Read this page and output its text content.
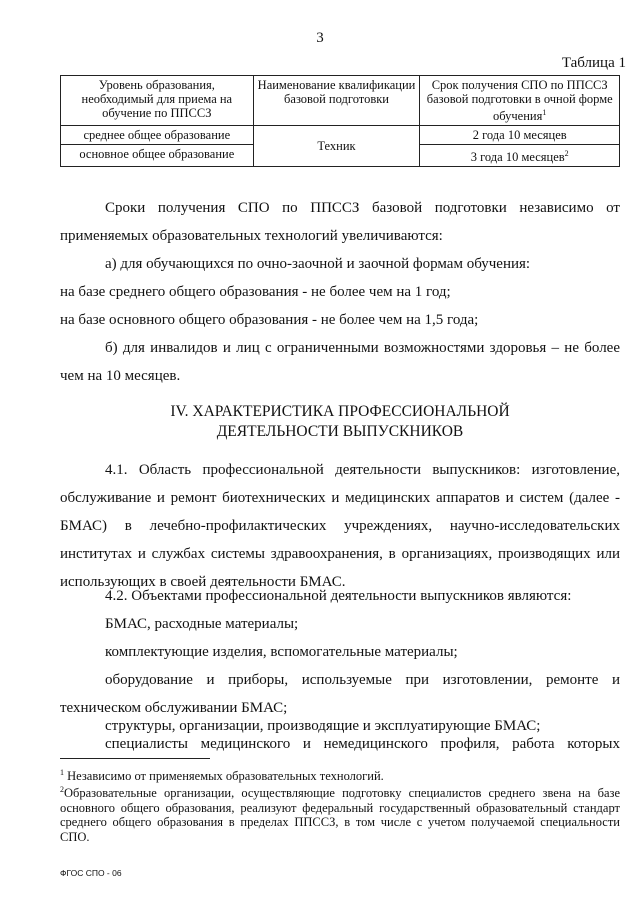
3
Таблица 1
Уровень образования, необходимый для приема на обучение по ППССЗ	Наименование квалификации базовой подготовки	Срок получения СПО по ППССЗ базовой подготовки в очной форме обучения$^1$
среднее общее образование	Техник	2 года 10 месяцев
основное общее образование		3 года 10 месяцев$^2$
Сроки получения СПО по ППССЗ базовой подготовки независимо от применяемых образовательных технологий увеличиваются:
а) для обучающихся по очно-заочной и заочной формам обучения:
на базе среднего общего образования - не более чем на 1 год;
на базе основного общего образования - не более чем на 1,5 года;
б) для инвалидов и лиц с ограниченными возможностями здоровья – не более чем на 10 месяцев.
IV. ХАРАКТЕРИСТИКА ПРОФЕССИОНАЛЬНОЙ
ДЕЯТЕЛЬНОСТИ ВЫПУСКНИКОВ
4.1. Область профессиональной деятельности выпускников: изготовление, обслуживание и ремонт биотехнических и медицинских аппаратов и систем (далее - БМАС) в лечебно-профилактических учреждениях, научно-исследовательских институтах и службах системы здравоохранения, в организациях, производящих или использующих в своей деятельности БМАС.
4.2. Объектами профессиональной деятельности выпускников являются:
БМАС, расходные материалы;
комплектующие изделия, вспомогательные материалы;
оборудование и приборы, используемые при изготовлении, ремонте и техническом обслуживании БМАС;
структуры, организации, производящие и эксплуатирующие БМАС;
специалисты медицинского и немедицинского профиля, работа которых
$^1$ Независимо от применяемых образовательных технологий.
$^2$Образовательные организации, осуществляющие подготовку специалистов среднего звена на базе основного общего образования, реализуют федеральный государственный образовательный стандарт среднего общего образования в пределах ППССЗ, в том числе с учетом получаемой специальности СПО.
ФГОС СПО - 06
